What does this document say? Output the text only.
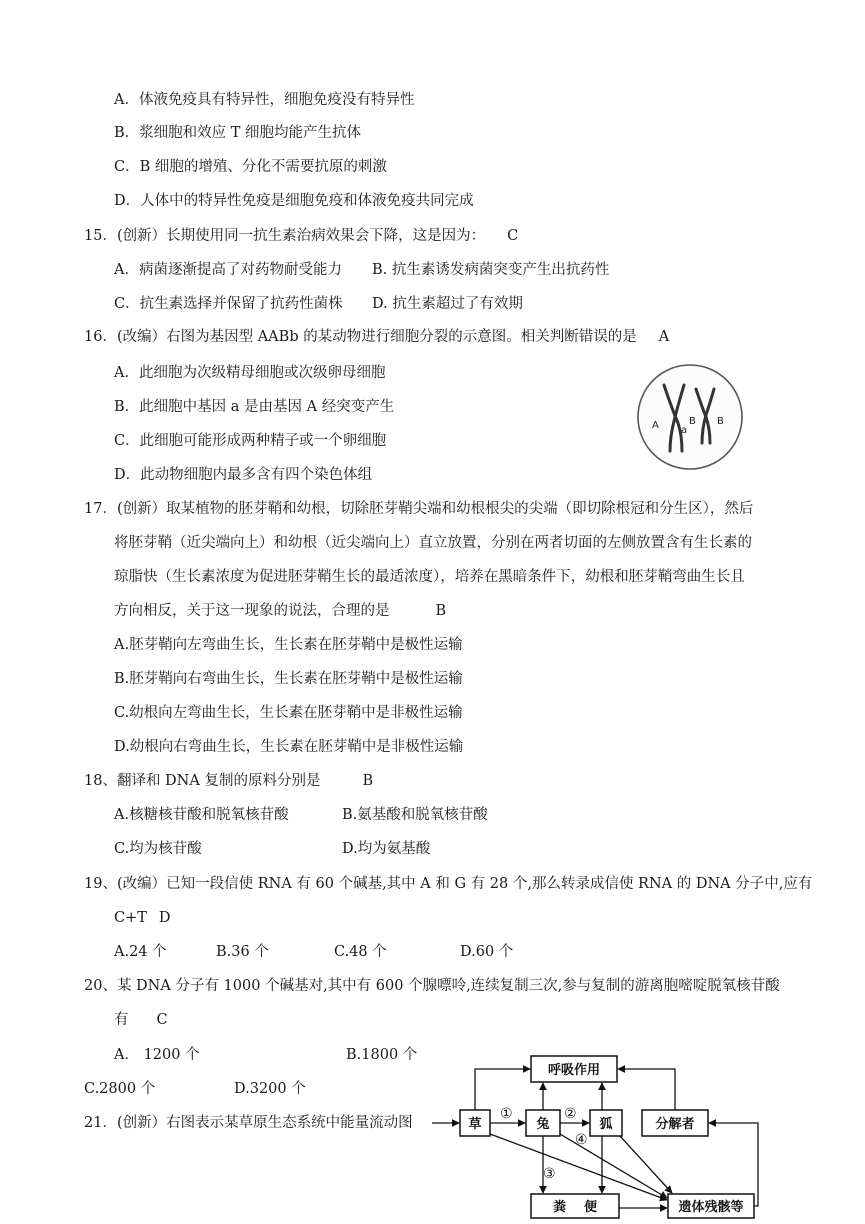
A．体液免疫具有特异性，细胞免疫没有特异性
B．浆细胞和效应 T 细胞均能产生抗体
C．B 细胞的增殖、分化不需要抗原的刺激
D．人体中的特异性免疫是细胞免疫和体液免疫共同完成
15．(创新）长期使用同一抗生素治病效果会下降，这是因为： C
A．病菌逐渐提高了对药物耐受能力 B. 抗生素诱发病菌突变产生出抗药性
C．抗生素选择并保留了抗药性菌株 D. 抗生素超过了有效期
16．(改编）右图为基因型 AABb 的某动物进行细胞分裂的示意图。相关判断错误的是 A
A．此细胞为次级精母细胞或次级卵母细胞
B．此细胞中基因 a 是由基因 A 经突变产生
C．此细胞可能形成两种精子或一个卵细胞
D．此动物细胞内最多含有四个染色体组
A a
B B
17．(创新）取某植物的胚芽鞘和幼根，切除胚芽鞘尖端和幼根根尖的尖端（即切除根冠和分生区），然后
将胚芽鞘（近尖端向上）和幼根（近尖端向上）直立放置，分别在两者切面的左侧放置含有生长素的
琼脂快（生长素浓度为促进胚芽鞘生长的最适浓度），培养在黑暗条件下，幼根和胚芽鞘弯曲生长且
方向相反，关于这一现象的说法，合理的是	B
A.胚芽鞘向左弯曲生长，生长素在胚芽鞘中是极性运输
B.胚芽鞘向右弯曲生长，生长素在胚芽鞘中是极性运输
C.幼根向左弯曲生长，生长素在胚芽鞘中是非极性运输
D.幼根向右弯曲生长，生长素在胚芽鞘中是非极性运输
18、翻译和 DNA 复制的原料分别是	B
A.核糖核苷酸和脱氧核苷酸	B.氨基酸和脱氧核苷酸
C.均为核苷酸	D.均为氨基酸
19、(改编）已知一段信使 RNA 有 60 个碱基,其中 A 和 G 有 28 个,那么转录成信使 RNA 的 DNA 分子中,应有
C+T D
A.24 个	B.36 个	C.48 个	D.60 个
20、某 DNA 分子有 1000 个碱基对,其中有 600 个腺嘌呤,连续复制三次,参与复制的游离胞嘧啶脱氧核苷酸
有 C
A． 1200 个	B.1800 个
C.2800 个	D.3200 个
21．(创新）右图表示某草原生态系统中能量流动图
呼吸作用
草	兔	狐	分解者
粪    便	遗体残骸等
①	②
③
④
